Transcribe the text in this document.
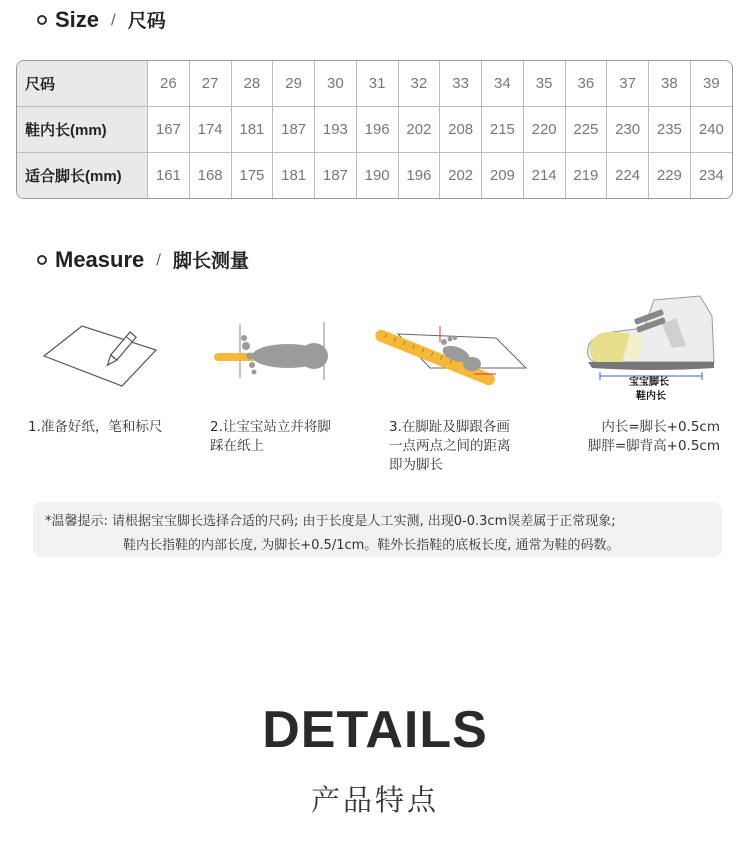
Size / 尺码
尺码	26	27	28	29	30	31	32	33	34	35	36	37	38	39
鞋内长(mm)	167	174	181	187	193	196	202	208	215	220	225	230	235	240
适合脚长(mm)	161	168	175	181	187	190	196	202	209	214	219	224	229	234
Measure / 脚长测量
宝宝脚长
鞋内长
1.准备好纸，笔和标尺	2.让宝宝站立并将脚
踩在纸上
3.在脚趾及脚跟各画
一点两点之间的距离
即为脚长
内长=脚长+0.5cm
脚胖=脚背高+0.5cm
*温馨提示: 请根据宝宝脚长选择合适的尺码; 由于长度是人工实测, 出现0-0.3cm误差属于正常现象;
鞋内长指鞋的内部长度, 为脚长+0.5/1cm。鞋外长指鞋的底板长度, 通常为鞋的码数。
DETAILS
产品特点
